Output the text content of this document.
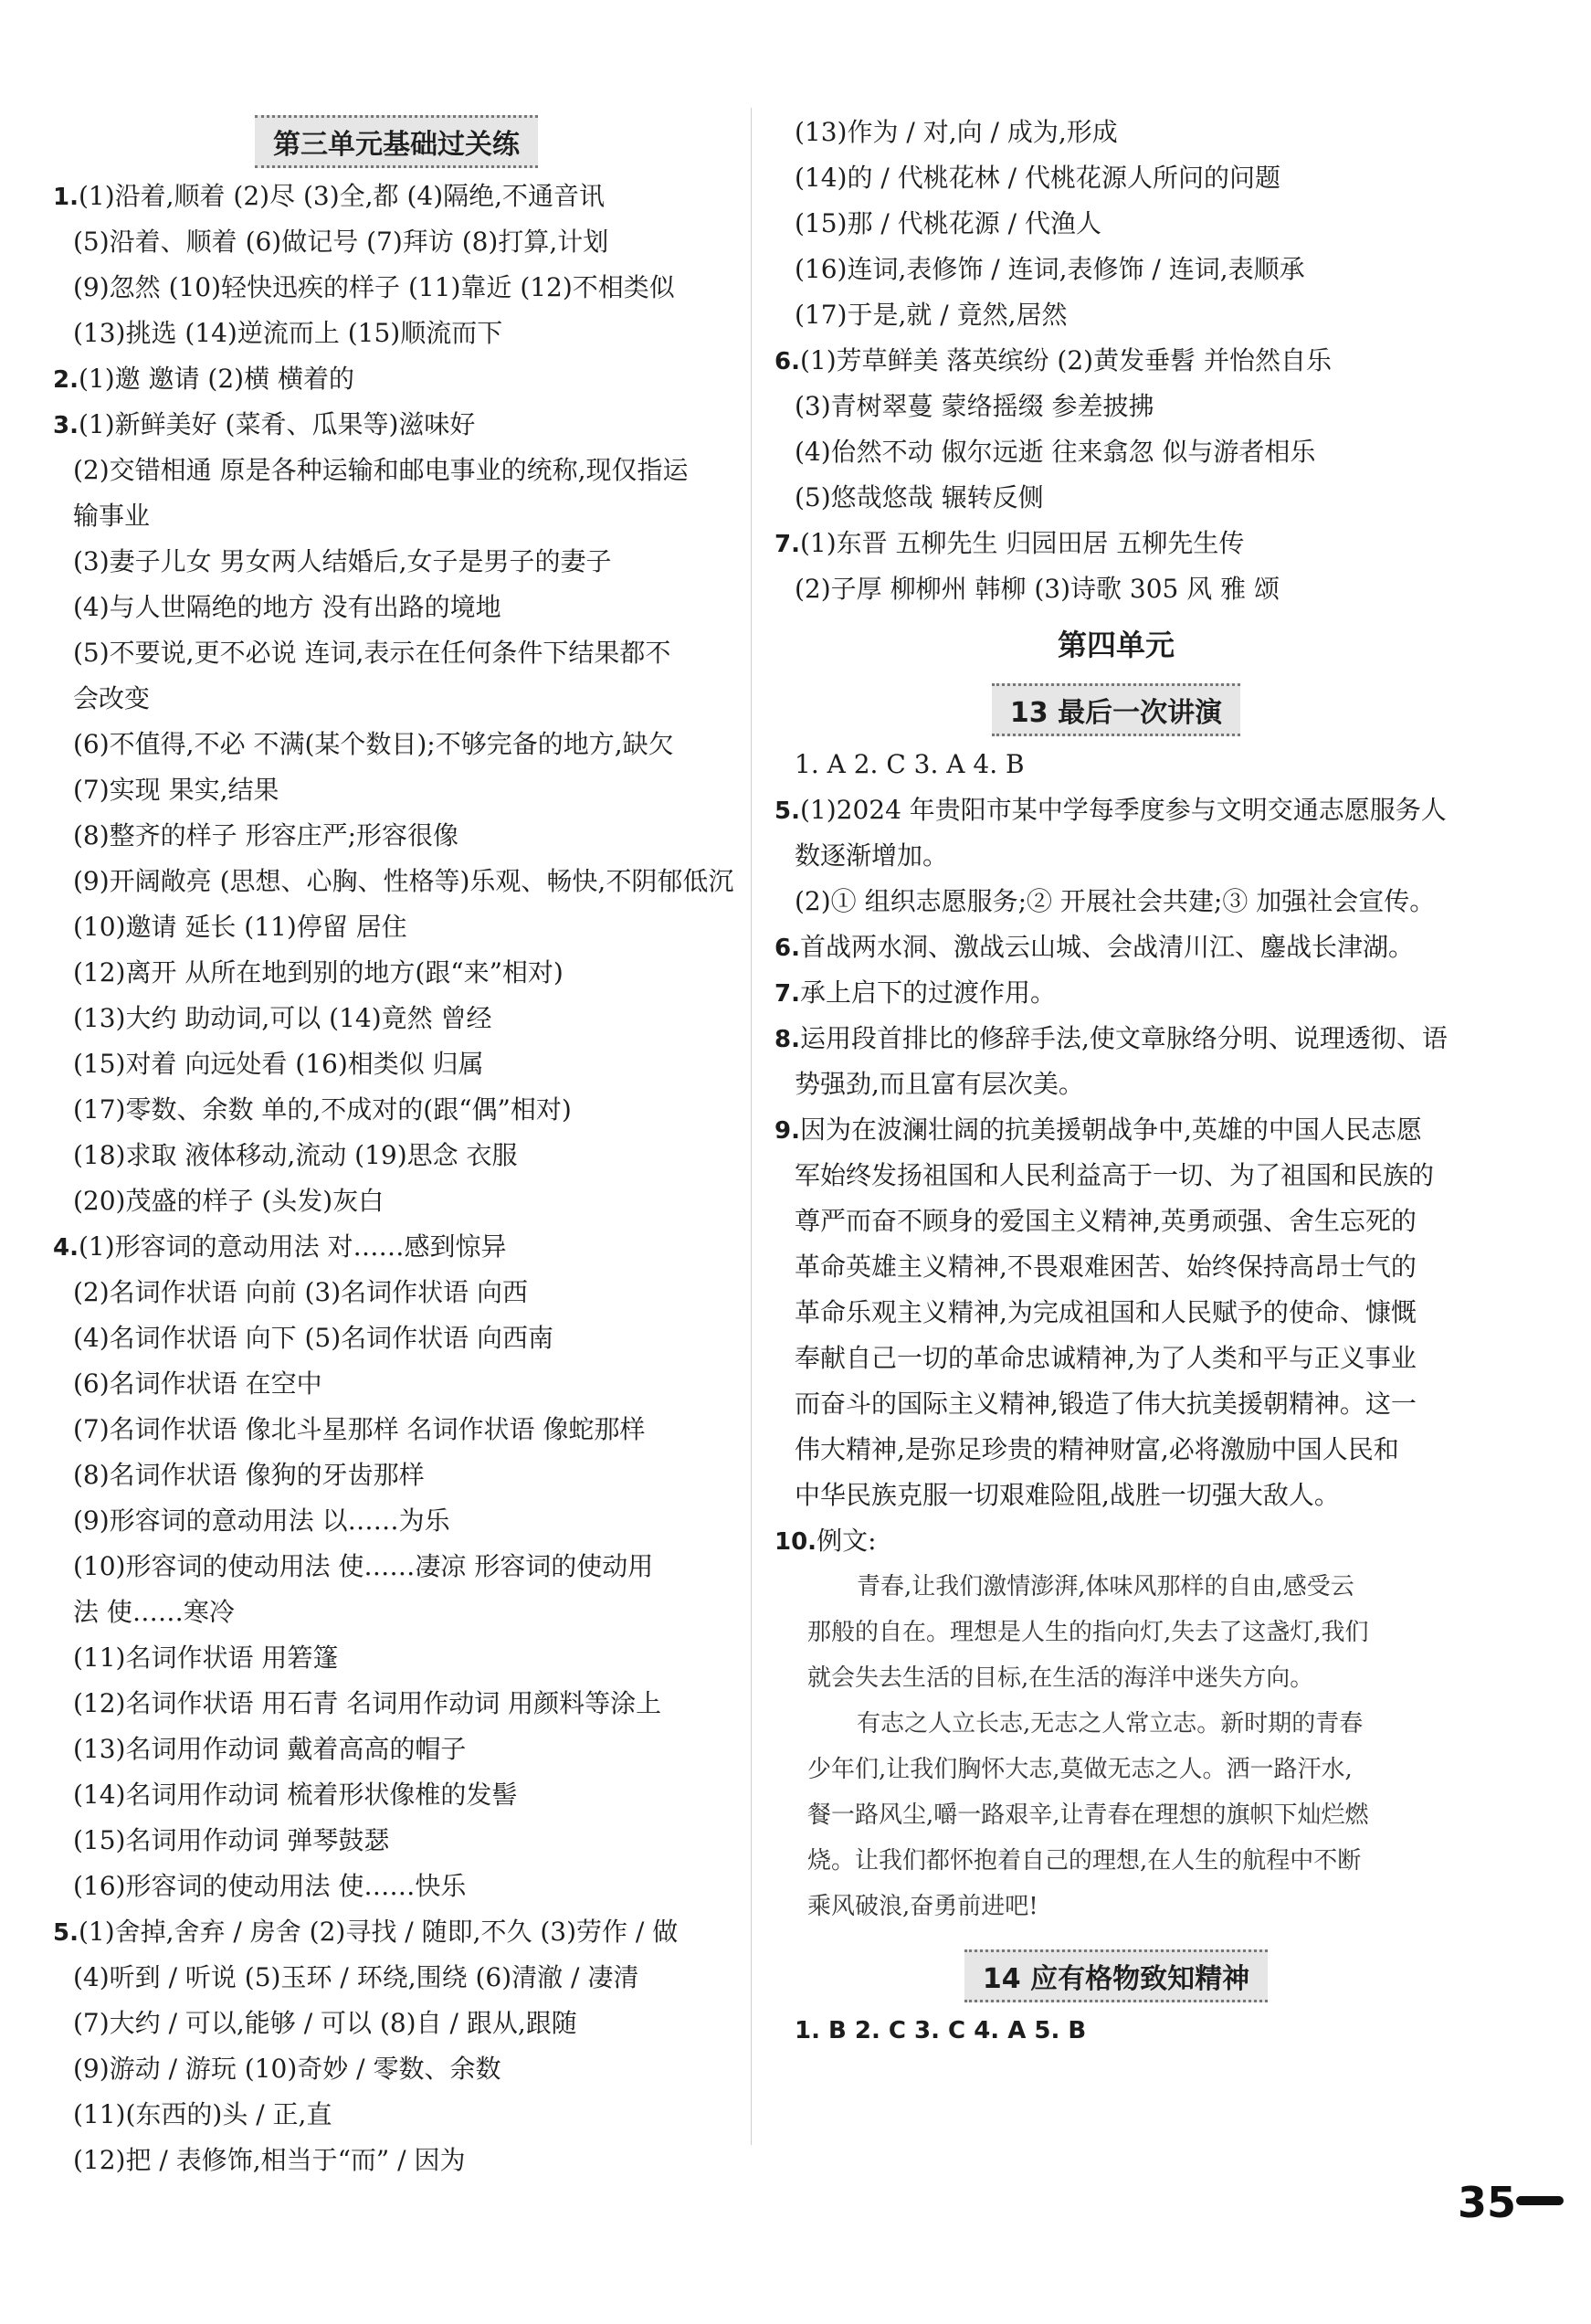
第三单元基础过关练
1.(1)沿着,顺着 (2)尽 (3)全,都 (4)隔绝,不通音讯
(5)沿着、顺着 (6)做记号 (7)拜访 (8)打算,计划
(9)忽然 (10)轻快迅疾的样子 (11)靠近 (12)不相类似
(13)挑选 (14)逆流而上 (15)顺流而下
2.(1)邀 邀请 (2)横 横着的
3.(1)新鲜美好 (菜肴、瓜果等)滋味好
(2)交错相通 原是各种运输和邮电事业的统称,现仅指运
输事业
(3)妻子儿女 男女两人结婚后,女子是男子的妻子
(4)与人世隔绝的地方 没有出路的境地
(5)不要说,更不必说 连词,表示在任何条件下结果都不
会改变
(6)不值得,不必 不满(某个数目);不够完备的地方,缺欠
(7)实现 果实,结果
(8)整齐的样子 形容庄严;形容很像
(9)开阔敞亮 (思想、心胸、性格等)乐观、畅快,不阴郁低沉
(10)邀请 延长 (11)停留 居住
(12)离开 从所在地到别的地方(跟“来”相对)
(13)大约 助动词,可以 (14)竟然 曾经
(15)对着 向远处看 (16)相类似 归属
(17)零数、余数 单的,不成对的(跟“偶”相对)
(18)求取 液体移动,流动 (19)思念 衣服
(20)茂盛的样子 (头发)灰白
4.(1)形容词的意动用法 对……感到惊异
(2)名词作状语 向前 (3)名词作状语 向西
(4)名词作状语 向下 (5)名词作状语 向西南
(6)名词作状语 在空中
(7)名词作状语 像北斗星那样 名词作状语 像蛇那样
(8)名词作状语 像狗的牙齿那样
(9)形容词的意动用法 以……为乐
(10)形容词的使动用法 使……凄凉 形容词的使动用
法 使……寒冷
(11)名词作状语 用箬篷
(12)名词作状语 用石青 名词用作动词 用颜料等涂上
(13)名词用作动词 戴着高高的帽子
(14)名词用作动词 梳着形状像椎的发髻
(15)名词用作动词 弹琴鼓瑟
(16)形容词的使动用法 使……快乐
5.(1)舍掉,舍弃 / 房舍 (2)寻找 / 随即,不久 (3)劳作 / 做
(4)听到 / 听说 (5)玉环 / 环绕,围绕 (6)清澈 / 凄清
(7)大约 / 可以,能够 / 可以 (8)自 / 跟从,跟随
(9)游动 / 游玩 (10)奇妙 / 零数、余数
(11)(东西的)头 / 正,直
(12)把 / 表修饰,相当于“而” / 因为
(13)作为 / 对,向 / 成为,形成
(14)的 / 代桃花林 / 代桃花源人所问的问题
(15)那 / 代桃花源 / 代渔人
(16)连词,表修饰 / 连词,表修饰 / 连词,表顺承
(17)于是,就 / 竟然,居然
6.(1)芳草鲜美 落英缤纷 (2)黄发垂髫 并怡然自乐
(3)青树翠蔓 蒙络摇缀 参差披拂
(4)佁然不动 俶尔远逝 往来翕忽 似与游者相乐
(5)悠哉悠哉 辗转反侧
7.(1)东晋 五柳先生 归园田居 五柳先生传
(2)子厚 柳柳州 韩柳 (3)诗歌 305 风 雅 颂
第四单元
13 最后一次讲演
1. A 2. C 3. A 4. B
5.(1)2024 年贵阳市某中学每季度参与文明交通志愿服务人
数逐渐增加。
(2)① 组织志愿服务;② 开展社会共建;③ 加强社会宣传。
6.首战两水洞、激战云山城、会战清川江、鏖战长津湖。
7.承上启下的过渡作用。
8.运用段首排比的修辞手法,使文章脉络分明、说理透彻、语
势强劲,而且富有层次美。
9.因为在波澜壮阔的抗美援朝战争中,英雄的中国人民志愿
军始终发扬祖国和人民利益高于一切、为了祖国和民族的
尊严而奋不顾身的爱国主义精神,英勇顽强、舍生忘死的
革命英雄主义精神,不畏艰难困苦、始终保持高昂士气的
革命乐观主义精神,为完成祖国和人民赋予的使命、慷慨
奉献自己一切的革命忠诚精神,为了人类和平与正义事业
而奋斗的国际主义精神,锻造了伟大抗美援朝精神。这一
伟大精神,是弥足珍贵的精神财富,必将激励中国人民和
中华民族克服一切艰难险阻,战胜一切强大敌人。
10.例文:
青春,让我们激情澎湃,体味风那样的自由,感受云
那般的自在。理想是人生的指向灯,失去了这盏灯,我们
就会失去生活的目标,在生活的海洋中迷失方向。
有志之人立长志,无志之人常立志。新时期的青春
少年们,让我们胸怀大志,莫做无志之人。洒一路汗水,
餐一路风尘,嚼一路艰辛,让青春在理想的旗帜下灿烂燃
烧。让我们都怀抱着自己的理想,在人生的航程中不断
乘风破浪,奋勇前进吧!
14 应有格物致知精神
1. B 2. C 3. C 4. A 5. B
35
